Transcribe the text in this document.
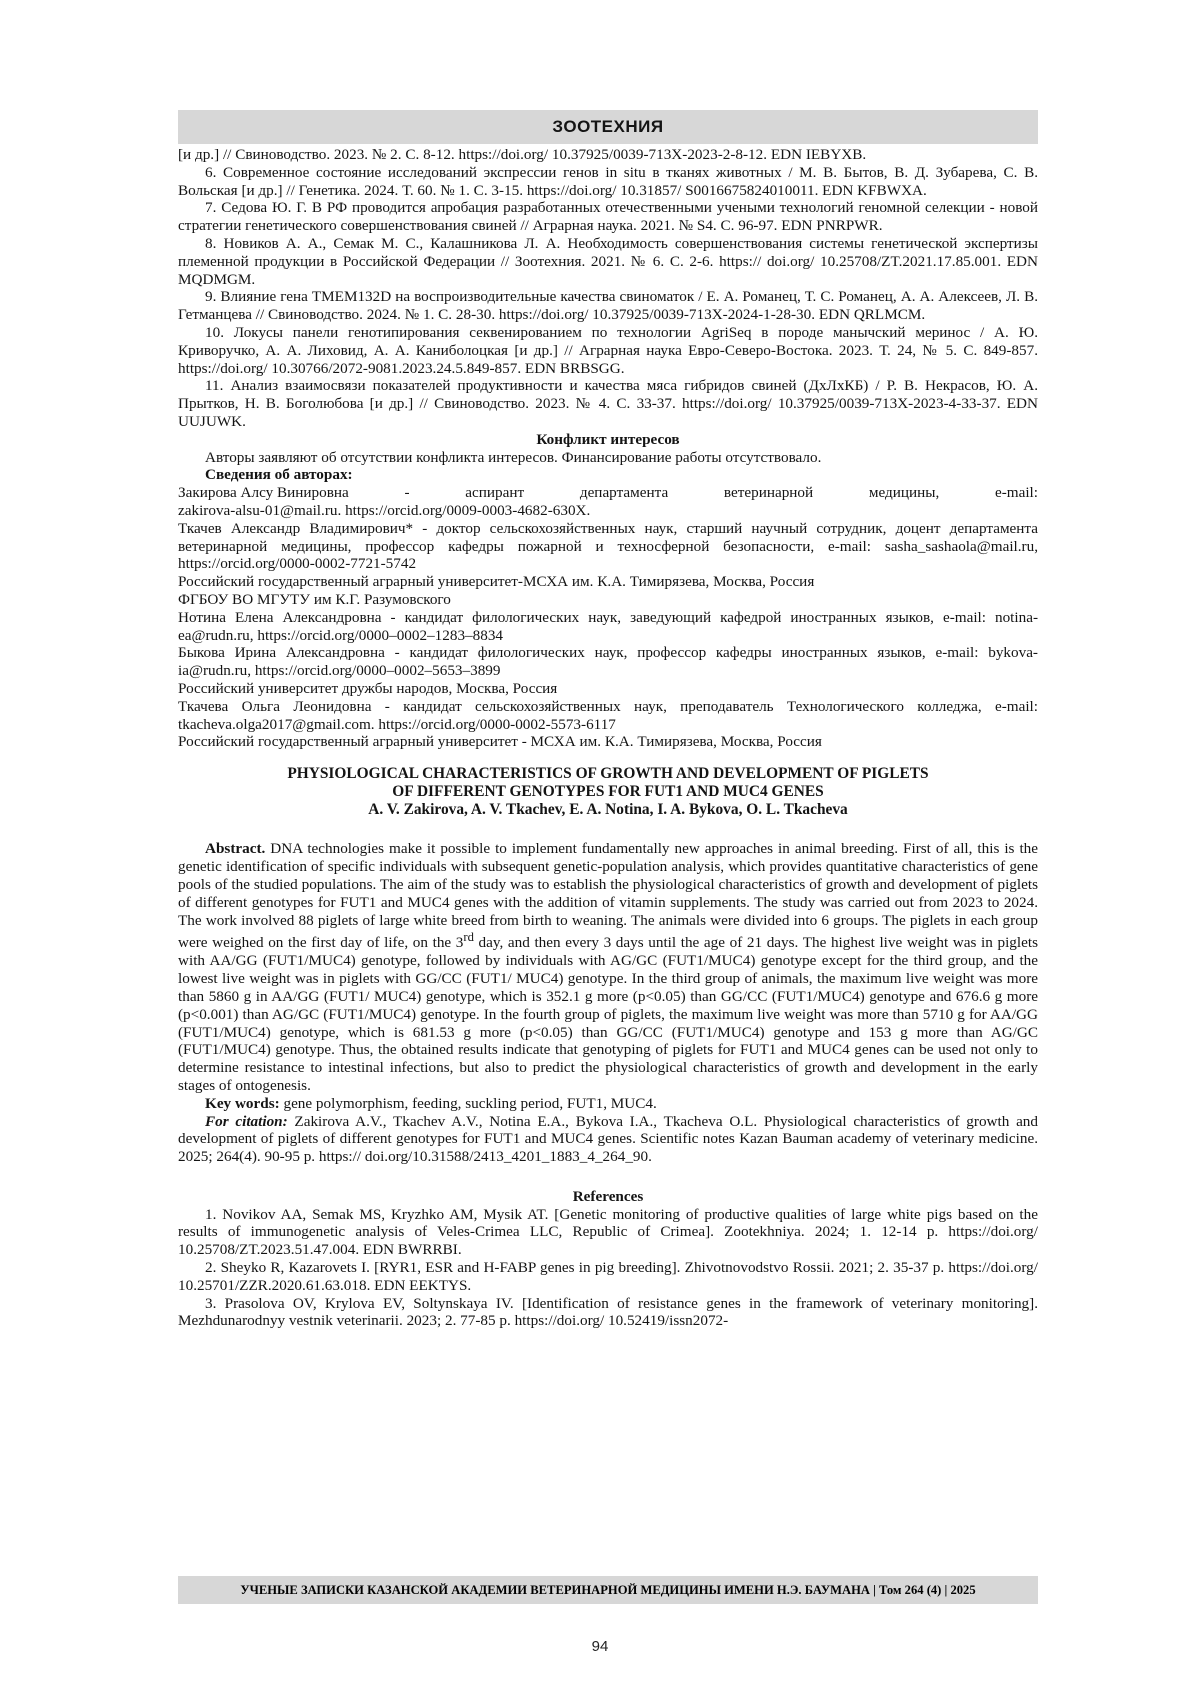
ЗООТЕХНИЯ

[и др.] // Свиноводство. 2023. № 2. С. 8-12. https://doi.org/ 10.37925/0039-713X-2023-2-8-12. EDN IEBYXB.

6. Современное состояние исследований экспрессии генов in situ в тканях животных / М. В. Бытов, В. Д. Зубарева, С. В. Вольская [и др.] // Генетика. 2024. Т. 60. № 1. С. 3-15. https://doi.org/ 10.31857/ S0016675824010011. EDN KFBWXA.

7. Седова Ю. Г. В РФ проводится апробация разработанных отечественными учеными технологий геномной селекции - новой стратегии генетического совершенствования свиней // Аграрная наука. 2021. № S4. С. 96-97. EDN PNRPWR.

8. Новиков А. А., Семак М. С., Калашникова Л. А. Необходимость совершенствования системы генетической экспертизы племенной продукции в Российской Федерации // Зоотехния. 2021. № 6. С. 2-6. https:// doi.org/ 10.25708/ZT.2021.17.85.001. EDN MQDMGM.

9. Влияние гена TMEM132D на воспроизводительные качества свиноматок / Е. А. Романец, Т. С. Романец, А. А. Алексеев, Л. В. Гетманцева // Свиноводство. 2024. № 1. С. 28-30. https://doi.org/ 10.37925/0039-713X-2024-1-28-30. EDN QRLMCM.

10. Локусы панели генотипирования секвенированием по технологии AgriSeq в породе манычский меринос / А. Ю. Криворучко, А. А. Лиховид, А. А. Каниболоцкая [и др.] // Аграрная наука Евро-Северо-Востока. 2023. Т. 24, № 5. С. 849-857. https://doi.org/ 10.30766/2072-9081.2023.24.5.849-857. EDN BRBSGG.

11. Анализ взаимосвязи показателей продуктивности и качества мяса гибридов свиней (ДхЛхКБ) / Р. В. Некрасов, Ю. А. Прытков, Н. В. Боголюбова [и др.] // Свиноводство. 2023. № 4. С. 33-37. https://doi.org/ 10.37925/0039-713X-2023-4-33-37. EDN UUJUWK.

Конфликт интересов

Авторы заявляют об отсутствии конфликта интересов. Финансирование работы отсутствовало.

Сведения об авторах:

Закирова Алсу Винировна	-	аспирант	департамента	ветеринарной	медицины,	e-mail:

zakirova-alsu-01@mail.ru. https://orcid.org/0009-0003-4682-630X.

Ткачев Александр Владимирович* - доктор сельскохозяйственных наук, старший научный сотрудник, доцент департамента ветеринарной медицины, профессор кафедры пожарной и техносферной безопасности, e-mail: sasha_sashaola@mail.ru, https://orcid.org/0000-0002-7721-5742

Российский государственный аграрный университет-МСХА им. К.А. Тимирязева, Москва, Россия

ФГБОУ ВО МГУТУ им К.Г. Разумовского

Нотина Елена Александровна - кандидат филологических наук, заведующий кафедрой иностранных языков, e-mail: notina-ea@rudn.ru, https://orcid.org/0000–0002–1283–8834

Быкова Ирина Александровна - кандидат филологических наук, профессор кафедры иностранных языков, e-mail: bykova-ia@rudn.ru, https://orcid.org/0000–0002–5653–3899

Российский университет дружбы народов, Москва, Россия

Ткачева Ольга Леонидовна - кандидат сельскохозяйственных наук, преподаватель Технологического колледжа, e-mail: tkacheva.olga2017@gmail.com. https://orcid.org/0000-0002-5573-6117

Российский государственный аграрный университет - МСХА им. К.А. Тимирязева, Москва, Россия

PHYSIOLOGICAL CHARACTERISTICS OF GROWTH AND DEVELOPMENT OF PIGLETS

OF DIFFERENT GENOTYPES FOR FUT1 AND MUC4 GENES

A. V. Zakirova, A. V. Tkachev, E. A. Notina, I. A. Bykova, O. L. Tkacheva

Abstract. DNA technologies make it possible to implement fundamentally new approaches in animal breeding. First of all, this is the genetic identification of specific individuals with subsequent genetic-population analysis, which provides quantitative characteristics of gene pools of the studied populations. The aim of the study was to establish the physiological characteristics of growth and development of piglets of different genotypes for FUT1 and MUC4 genes with the addition of vitamin supplements. The study was carried out from 2023 to 2024. The work involved 88 piglets of large white breed from birth to weaning. The animals were divided into 6 groups. The piglets in each group were weighed on the first day of life, on the 3rd day, and then every 3 days until the age of 21 days. The highest live weight was in piglets with AA/GG (FUT1/MUC4) genotype, followed by individuals with AG/GC (FUT1/MUC4) genotype except for the third group, and the lowest live weight was in piglets with GG/CC (FUT1/ MUC4) genotype. In the third group of animals, the maximum live weight was more than 5860 g in AA/GG (FUT1/ MUC4) genotype, which is 352.1 g more (p<0.05) than GG/CC (FUT1/MUC4) genotype and 676.6 g more (p<0.001) than AG/GC (FUT1/MUC4) genotype. In the fourth group of piglets, the maximum live weight was more than 5710 g for AA/GG (FUT1/MUC4) genotype, which is 681.53 g more (p<0.05) than GG/CC (FUT1/MUC4) genotype and 153 g more than AG/GC (FUT1/MUC4) genotype. Thus, the obtained results indicate that genotyping of piglets for FUT1 and MUC4 genes can be used not only to determine resistance to intestinal infections, but also to predict the physiological characteristics of growth and development in the early stages of ontogenesis.

Key words: gene polymorphism, feeding, suckling period, FUT1, MUC4.

For citation: Zakirova A.V., Tkachev A.V., Notina E.A., Bykova I.A., Tkacheva O.L. Physiological characteristics of growth and development of piglets of different genotypes for FUT1 and MUC4 genes. Scientific notes Kazan Bauman academy of veterinary medicine. 2025; 264(4). 90-95 p. https:// doi.org/10.31588/2413_4201_1883_4_264_90.

References

1. Novikov AA, Semak MS, Kryzhko AM, Mysik AT. [Genetic monitoring of productive qualities of large white pigs based on the results of immunogenetic analysis of Veles-Crimea LLC, Republic of Crimea]. Zootekhniya. 2024; 1. 12-14 p. https://doi.org/ 10.25708/ZT.2023.51.47.004. EDN BWRRBI.

2. Sheyko R, Kazarovets I. [RYR1, ESR and H-FABP genes in pig breeding]. Zhivotnovodstvo Rossii. 2021; 2. 35-37 p. https://doi.org/ 10.25701/ZZR.2020.61.63.018. EDN EEKTYS.

3. Prasolova OV, Krylova EV, Soltynskaya IV. [Identification of resistance genes in the framework of veterinary monitoring]. Mezhdunarodnyy vestnik veterinarii. 2023; 2. 77-85 p. https://doi.org/ 10.52419/issn2072-

УЧЕНЫЕ ЗАПИСКИ КАЗАНСКОЙ АКАДЕМИИ ВЕТЕРИНАРНОЙ МЕДИЦИНЫ ИМЕНИ Н.Э. БАУМАНА | Том 264 (4) | 2025
94
